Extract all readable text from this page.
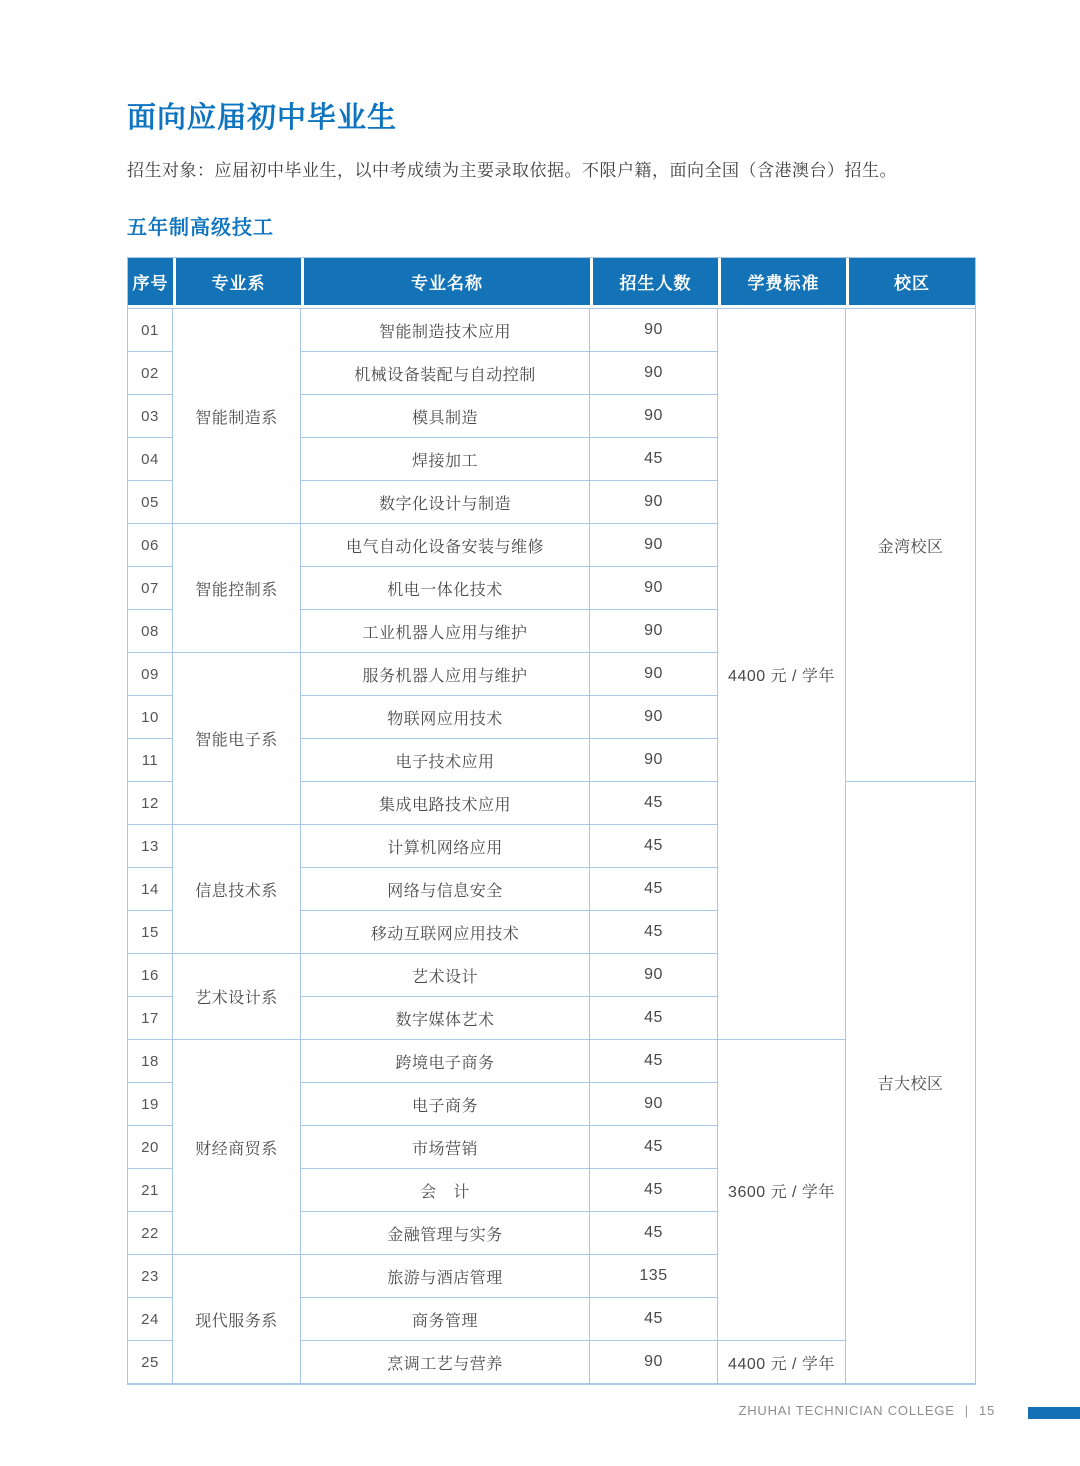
面向应届初中毕业生

招生对象：应届初中毕业生，以中考成绩为主要录取依据。不限户籍，面向全国（含港澳台）招生。

五年制高级技工
序号	专业系	专业名称	招生人数	学费标准	校区
01	智能制造系	智能制造技术应用	90	4400 元 / 学年	金湾校区
02		机械设备装配与自动控制	90		
03		模具制造	90		
04		焊接加工	45		
05		数字化设计与制造	90		
06	智能控制系	电气自动化设备安装与维修	90		
07		机电一体化技术	90		
08		工业机器人应用与维护	90		
09	智能电子系	服务机器人应用与维护	90		
10		物联网应用技术	90		
11		电子技术应用	90		
12		集成电路技术应用	45		吉大校区
13	信息技术系	计算机网络应用	45		
14		网络与信息安全	45		
15		移动互联网应用技术	45		
16	艺术设计系	艺术设计	90		
17		数字媒体艺术	45		
18	财经商贸系	跨境电子商务	45	3600 元 / 学年	
19		电子商务	90		
20		市场营销	45		
21		会　计	45		
22		金融管理与实务	45		
23	现代服务系	旅游与酒店管理	135		
24		商务管理	45		
25		烹调工艺与营养	90	4400 元 / 学年	
ZHUHAI TECHNICIAN COLLEGE | 15
